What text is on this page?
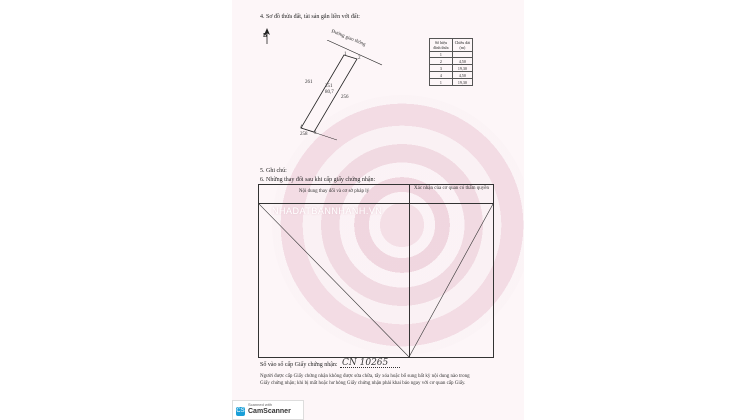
4. Sơ đồ thửa đất, tài sản gắn liền với đất:
B	Đường giao thông
261
256
258
251
80,7
1
2
3
4
Số hiệu đỉnh thửa	Chiều dài (m)
1	
2	4,50
3	19,30
4	4,50
1	19,30
5. Ghi chú:
6. Những thay đổi sau khi cấp giấy chứng nhận:
Nội dung thay đổi và cơ sở pháp lý
Xác nhận của cơ quan có thẩm quyền
NHADATBANNHANH.VN
Số vào sổ cấp Giấy chứng nhận: CN 10265
Người được cấp Giấy chứng nhận không được sửa chữa, tẩy xóa hoặc bổ sung bất kỳ nội dung nào trong Giấy chứng nhận; khi bị mất hoặc hư hỏng Giấy chứng nhận phải khai báo ngay với cơ quan cấp Giấy.
CS
Scanned with
CamScanner
